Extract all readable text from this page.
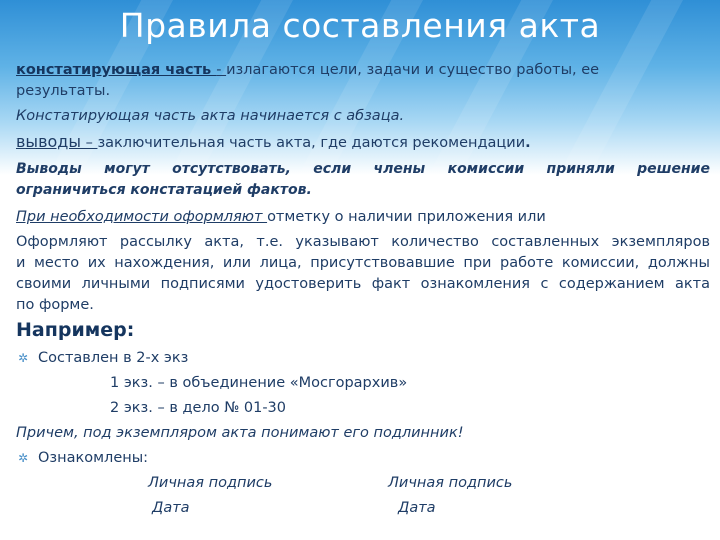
Правила составления акта
констатирующая часть - излагаются цели, задачи и существо работы, ее
результаты.
Констатирующая часть акта начинается с абзаца.
выводы – заключительная часть акта, где даются рекомендации.
Выводы могут отсутствовать, если члены комиссии приняли решение
ограничиться констатацией фактов.
При необходимости оформляют отметку о наличии приложения или
Оформляют рассылку акта, т.е. указывают количество составленных экземпляров
и место их нахождения, или лица, присутствовавшие при работе комиссии, должны
своими личными подписями удостоверить факт ознакомления с содержанием акта
по форме.
Например:
✲ Составлен в 2-х экз
1 экз. – в объединение «Мосгорархив»
2 экз. – в дело № 01-30
Причем, под экземпляром акта понимают его подлинник!
✲ Ознакомлены:
Личная подпись	Личная подпись
Дата	Дата
